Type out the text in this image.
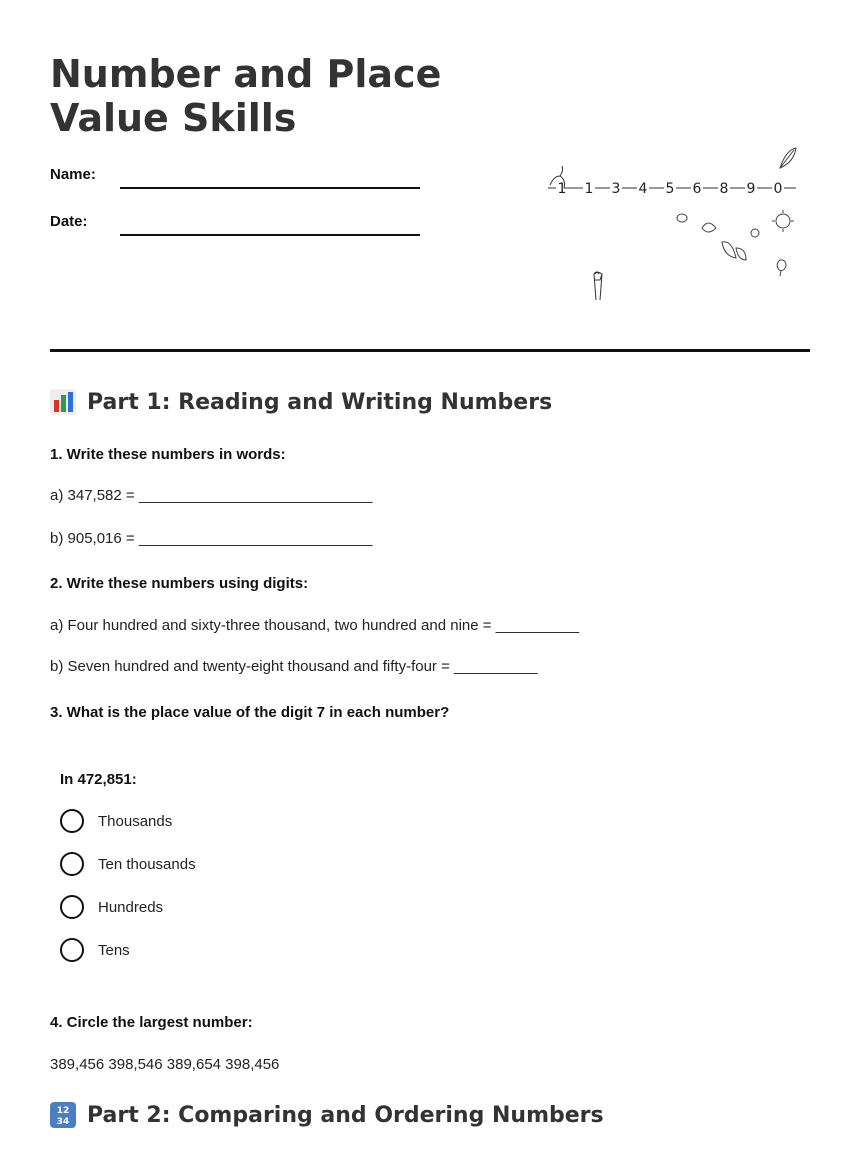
Number and Place Value Skills
Name:
Date:
1 1 3 4 5 6 8 9 0
Part 1: Reading and Writing Numbers
1. Write these numbers in words:
a) 347,582 = ____________________________
b) 905,016 = ____________________________
2. Write these numbers using digits:
a) Four hundred and sixty-three thousand, two hundred and nine = __________
b) Seven hundred and twenty-eight thousand and fifty-four = __________
3. What is the place value of the digit 7 in each number?
In 472,851:
Thousands
Ten thousands
Hundreds
Tens
4. Circle the largest number:
389,456 398,546 389,654 398,456
12
34 Part 2: Comparing and Ordering Numbers
